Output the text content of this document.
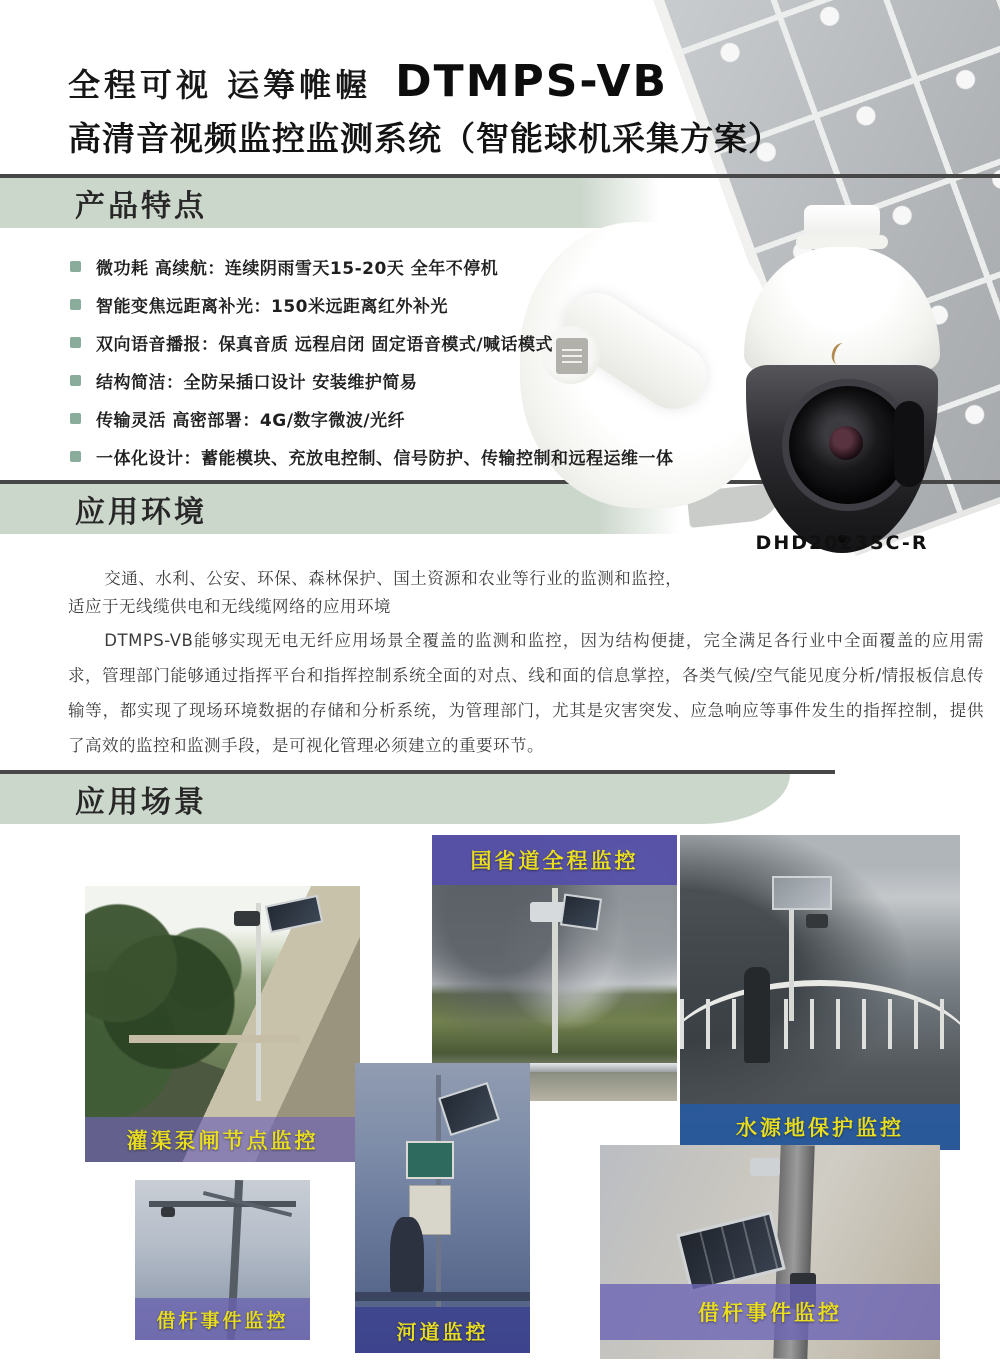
全程可视 运筹帷幄 DTMPS-VB
高清音视频监控监测系统（智能球机采集方案）
产品特点
微功耗 高续航：连续阴雨雪天15-20天 全年不停机
智能变焦远距离补光：150米远距离红外补光
双向语音播报：保真音质 远程启闭 固定语音模式/喊话模式
结构简洁：全防呆插口设计 安装维护简易
传输灵活 高密部署：4G/数字微波/光纤
一体化设计：蓄能模块、充放电控制、信号防护、传输控制和远程运维一体
DHD2023SC-R
应用环境

交通、水利、公安、环保、森林保护、国土资源和农业等行业的监测和监控，适应于无线缆供电和无线缆网络的应用环境

DTMPS-VB能够实现无电无纤应用场景全覆盖的监测和监控，因为结构便捷，完全满足各行业中全面覆盖的应用需求，管理部门能够通过指挥平台和指挥控制系统全面的对点、线和面的信息掌控，各类气候/空气能见度分析/情报板信息传输等，都实现了现场环境数据的存储和分析系统，为管理部门，尤其是灾害突发、应急响应等事件发生的指挥控制，提供了高效的监控和监测手段，是可视化管理必须建立的重要环节。

应用场景
灌渠泵闸节点监控
国省道全程监控
水源地保护监控
借杆事件监控	河道监控
借杆事件监控
